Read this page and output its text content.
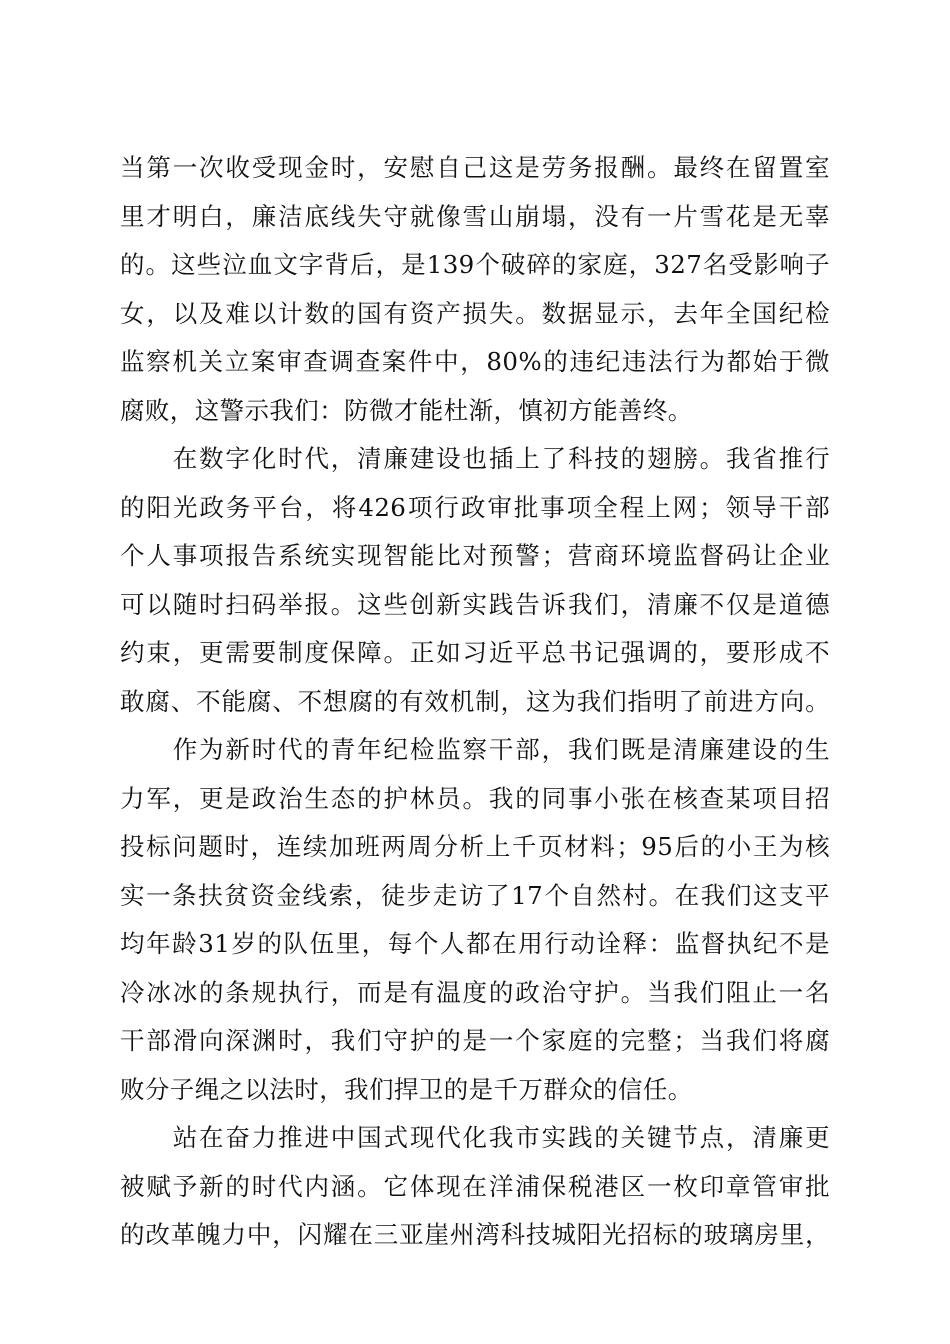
当第一次收受现金时，安慰自己这是劳务报酬。最终在留置室
里才明白，廉洁底线失守就像雪山崩塌，没有一片雪花是无辜
的。这些泣血文字背后，是139个破碎的家庭，327名受影响子
女，以及难以计数的国有资产损失。数据显示，去年全国纪检
监察机关立案审查调查案件中，80%的违纪违法行为都始于微
腐败，这警示我们：防微才能杜渐，慎初方能善终。
　　在数字化时代，清廉建设也插上了科技的翅膀。我省推行
的阳光政务平台，将426项行政审批事项全程上网；领导干部
个人事项报告系统实现智能比对预警；营商环境监督码让企业
可以随时扫码举报。这些创新实践告诉我们，清廉不仅是道德
约束，更需要制度保障。正如习近平总书记强调的，要形成不
敢腐、不能腐、不想腐的有效机制，这为我们指明了前进方向。
　　作为新时代的青年纪检监察干部，我们既是清廉建设的生
力军，更是政治生态的护林员。我的同事小张在核查某项目招
投标问题时，连续加班两周分析上千页材料；95后的小王为核
实一条扶贫资金线索，徒步走访了17个自然村。在我们这支平
均年龄31岁的队伍里，每个人都在用行动诠释：监督执纪不是
冷冰冰的条规执行，而是有温度的政治守护。当我们阻止一名
干部滑向深渊时，我们守护的是一个家庭的完整；当我们将腐
败分子绳之以法时，我们捍卫的是千万群众的信任。
　　站在奋力推进中国式现代化我市实践的关键节点，清廉更
被赋予新的时代内涵。它体现在洋浦保税港区一枚印章管审批
的改革魄力中，闪耀在三亚崖州湾科技城阳光招标的玻璃房里，
